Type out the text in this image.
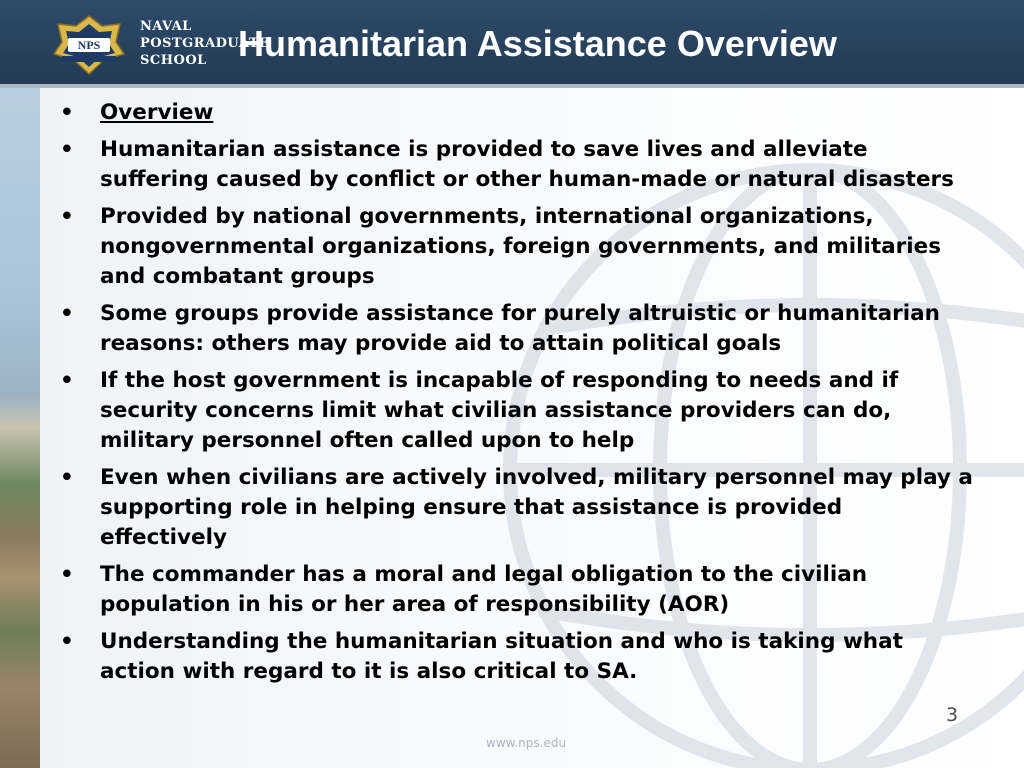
NPS
NAVAL
POSTGRADUATE
SCHOOL Humanitarian Assistance Overview
• Overview
• Humanitarian assistance is provided to save lives and alleviate suffering caused by conflict or other human-made or natural disasters
• Provided by national governments, international organizations, nongovernmental organizations, foreign governments, and militaries and combatant groups
• Some groups provide assistance for purely altruistic or humanitarian reasons: others may provide aid to attain political goals
• If the host government is incapable of responding to needs and if security concerns limit what civilian assistance providers can do, military personnel often called upon to help
• Even when civilians are actively involved, military personnel may play a supporting role in helping ensure that assistance is provided effectively
• The commander has a moral and legal obligation to the civilian population in his or her area of responsibility (AOR)
• Understanding the humanitarian situation and who is taking what action with regard to it is also critical to SA.
3
www.nps.edu
